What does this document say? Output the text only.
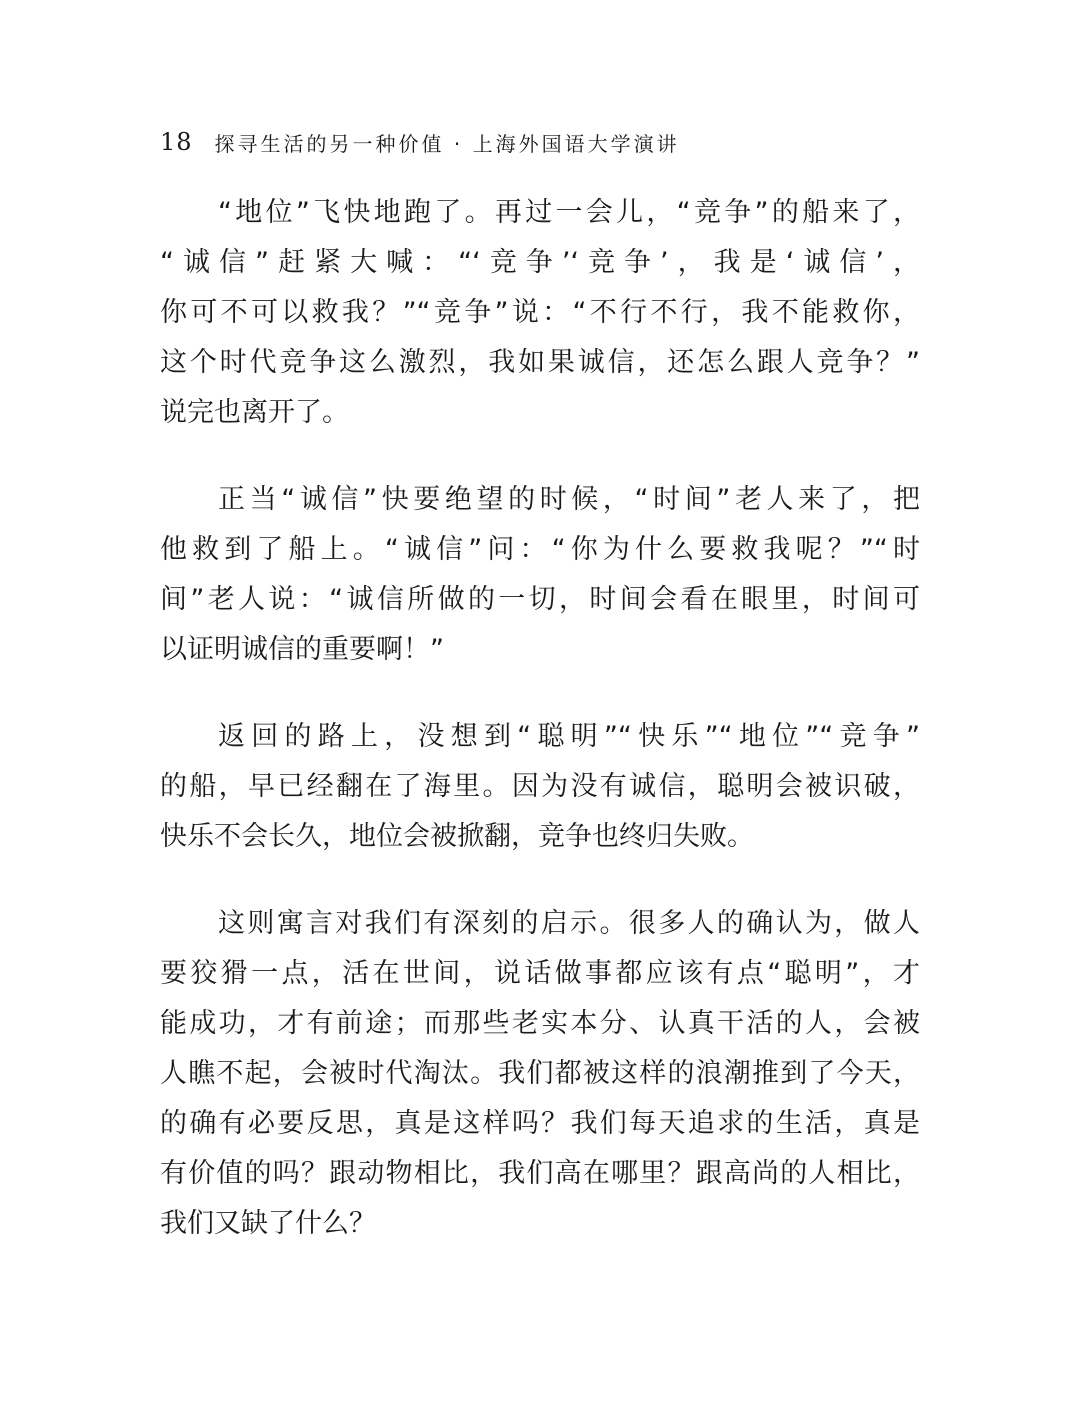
18 探寻生活的另一种价值 · 上海外国语大学演讲

“地位”飞快地跑了。再过一会儿，“竞争”的船来了，
“诚信”赶紧大喊：“‘竞争’‘竞争’，我是‘诚信’，
你可不可以救我？”“竞争”说：“不行不行，我不能救你，
这个时代竞争这么激烈，我如果诚信，还怎么跟人竞争？”
说完也离开了。

正当“诚信”快要绝望的时候，“时间”老人来了，把
他救到了船上。“诚信”问：“你为什么要救我呢？”“时
间”老人说：“诚信所做的一切，时间会看在眼里，时间可
以证明诚信的重要啊！”

返回的路上，没想到“聪明”“快乐”“地位”“竞争”
的船，早已经翻在了海里。因为没有诚信，聪明会被识破，
快乐不会长久，地位会被掀翻，竞争也终归失败。

这则寓言对我们有深刻的启示。很多人的确认为，做人
要狡猾一点，活在世间，说话做事都应该有点“聪明”，才
能成功，才有前途；而那些老实本分、认真干活的人，会被
人瞧不起，会被时代淘汰。我们都被这样的浪潮推到了今天，
的确有必要反思，真是这样吗？我们每天追求的生活，真是
有价值的吗？跟动物相比，我们高在哪里？跟高尚的人相比，
我们又缺了什么？
